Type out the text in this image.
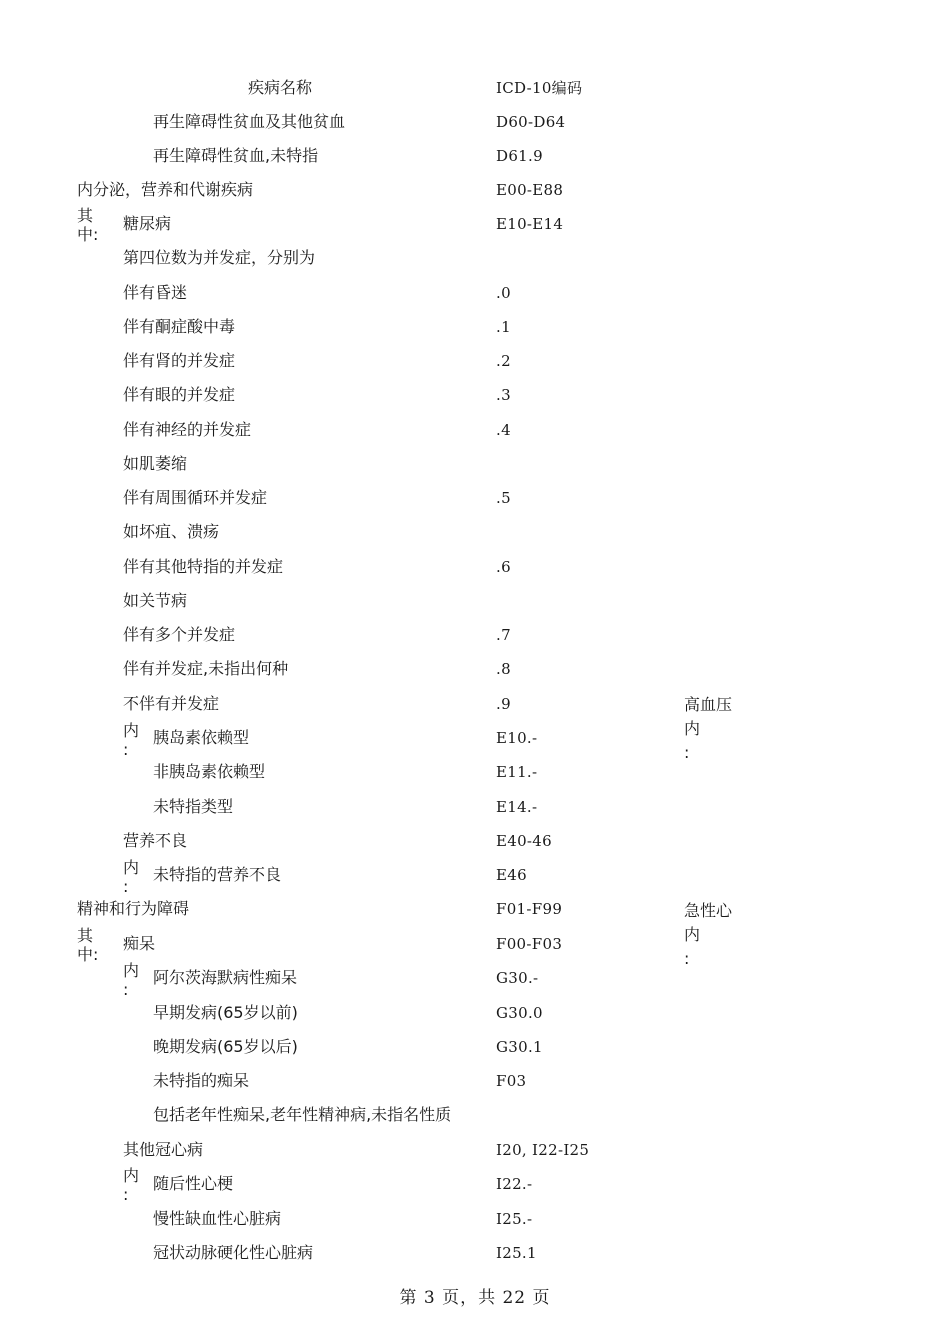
疾病名称	ICD-10编码
再生障碍性贫血及其他贫血	D60-D64
再生障碍性贫血,未特指	D61.9
内分泌，营养和代谢疾病	E00-E88
糖尿病	E10-E14
第四位数为并发症，分别为
伴有昏迷	.0
伴有酮症酸中毒	.1
伴有肾的并发症	.2
伴有眼的并发症	.3
伴有神经的并发症	.4
如肌萎缩
伴有周围循环并发症	.5
如坏疽、溃疡
伴有其他特指的并发症	.6
如关节病
伴有多个并发症	.7
伴有并发症,未指出何种	.8
不伴有并发症	.9
胰岛素依赖型	E10.-
非胰岛素依赖型	E11.-
未特指类型	E14.-
营养不良	E40-46
未特指的营养不良	E46
精神和行为障碍	F01-F99
痴呆	F00-F03
阿尔茨海默病性痴呆	G30.-
早期发病(65岁以前)	G30.0
晚期发病(65岁以后)	G30.1
未特指的痴呆	F03
包括老年性痴呆,老年性精神病,未指名性质
其他冠心病	I20, I22-I25
随后性心梗	I22.-
慢性缺血性心脏病	I25.-
冠状动脉硬化性心脏病	I25.1
其
中:
内
:
内
:
其
中:
内
:
内
:
高血压
内
:
急性心
内
:
第 3 页，共 22 页
